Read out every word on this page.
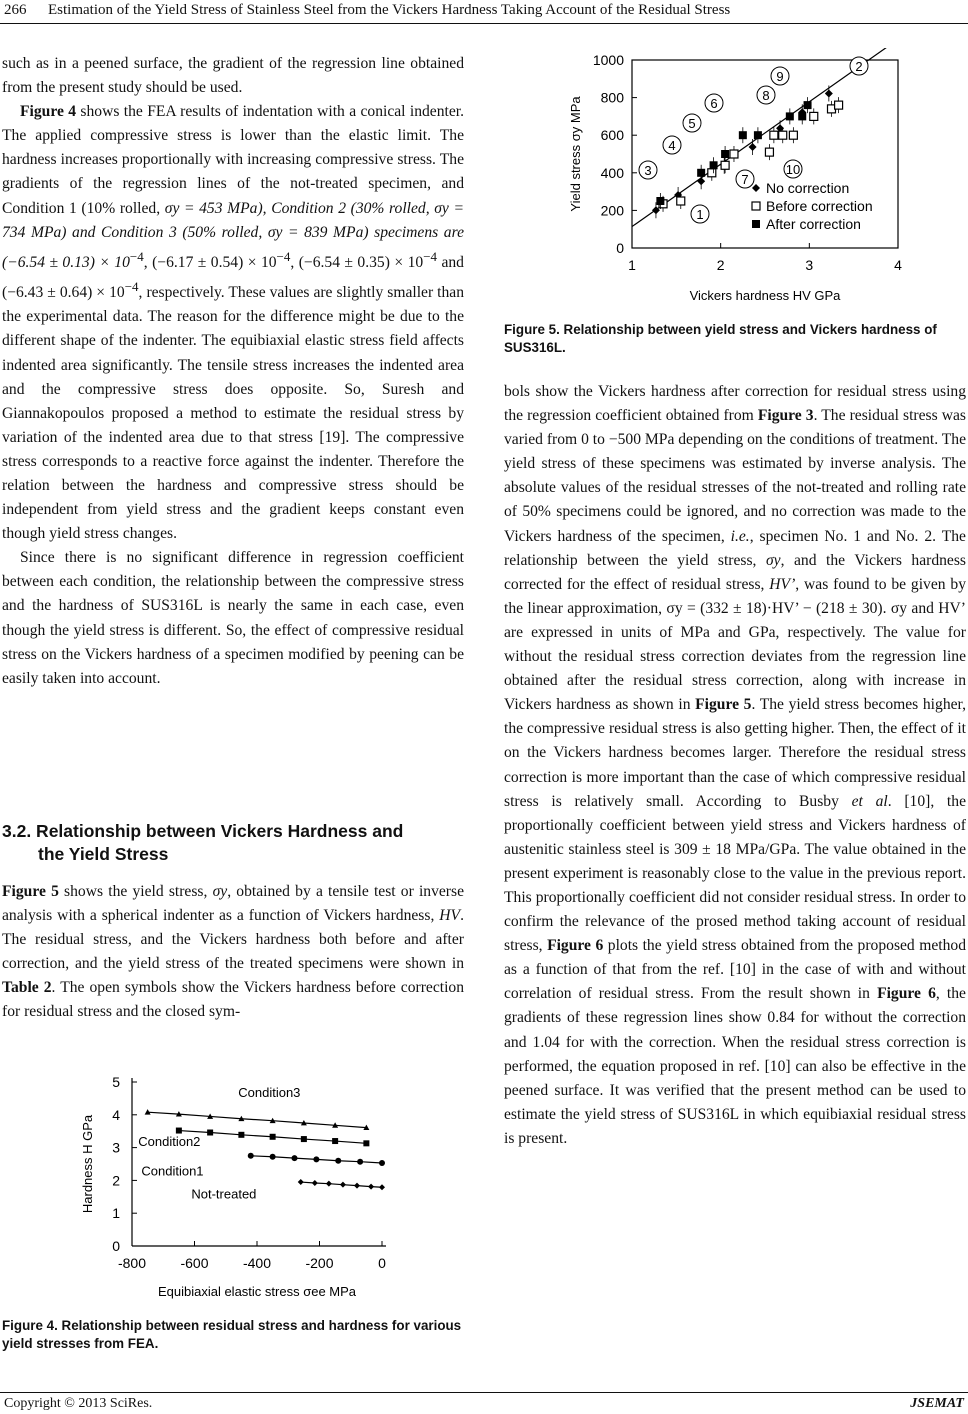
266 Estimation of the Yield Stress of Stainless Steel from the Vickers Hardness Taking Account of the Residual Stress

such as in a peened surface, the gradient of the regression line obtained from the present study should be used.

Figure 4 shows the FEA results of indentation with a conical indenter. The applied compressive stress is lower than the elastic limit. The hardness increases proportionally with increasing compressive stress. The gradients of the regression lines of the not-treated specimen, and Condition 1 (10% rolled, σy = 453 MPa), Condition 2 (30% rolled, σy = 734 MPa) and Condition 3 (50% rolled, σy = 839 MPa) specimens are $(-6.54 \pm 0.13) \times 10^{-4}$, $(-6.17 \pm 0.54) \times 10^{-4}$, $(-6.54 \pm 0.35) \times 10^{-4}$ and $(-6.43 \pm 0.64) \times 10^{-4}$, respectively. These values are slightly smaller than the experimental data. The reason for the difference might be due to the different shape of the indenter. The equibiaxial elastic stress field affects indented area significantly. The tensile stress increases the indented area and the compressive stress does opposite. So, Suresh and Giannakopoulos proposed a method to estimate the residual stress by variation of the indented area due to that stress [19]. The compressive stress corresponds to a reactive force against the indenter. Therefore the relation between the hardness and compressive stress should be independent from yield stress and the gradient keeps constant even though yield stress changes.

Since there is no significant difference in regression coefficient between each condition, the relationship between the compressive stress and the hardness of SUS316L is nearly the same in each case, even though the yield stress is different. So, the effect of compressive residual stress on the Vickers hardness of a specimen modified by peening can be easily taken into account.

3.2. Relationship between Vickers Hardness and
the Yield Stress

Figure 5 shows the yield stress, σy, obtained by a tensile test or inverse analysis with a spherical indenter as a function of Vickers hardness, HV. The residual stress, and the Vickers hardness both before and after correction, and the yield stress of the treated specimens were shown in Table 2. The open symbols show the Vickers hardness before correction for residual stress and the closed sym-

0
200
400
600
800
1000
1	2	3	4
Vickers hardness HV GPa
Yield stress σy MPa
1
2
3
4
5
6
7
8
9
10
No correction
Before correction
After correction
Figure 5. Relationship between yield stress and Vickers hardness of SUS316L.

bols show the Vickers hardness after correction for residual stress using the regression coefficient obtained from Figure 3. The residual stress was varied from 0 to −500 MPa depending on the conditions of treatment. The yield stress of these specimens was estimated by inverse analysis. The absolute values of the residual stresses of the not-treated and rolling rate of 50% specimens could be ignored, and no correction was made to the Vickers hardness of the specimen, i.e., specimen No. 1 and No. 2. The relationship between the yield stress, σy, and the Vickers hardness corrected for the effect of residual stress, HV’, was found to be given by the linear approximation, σy = (332 ± 18)·HV’ − (218 ± 30). σy and HV’ are expressed in units of MPa and GPa, respectively. The value for without the residual stress correction deviates from the regression line obtained after the residual stress correction, along with increase in Vickers hardness as shown in Figure 5. The yield stress becomes higher, the compressive residual stress is also getting higher. Then, the effect of it on the Vickers hardness becomes larger. Therefore the residual stress correction is more important than the case of which compressive residual stress is relatively small. According to Busby et al. [10], the proportionally coefficient between yield stress and Vickers hardness of austenitic stainless steel is 309 ± 18 MPa/GPa. The value obtained in the present experiment is reasonably close to the value in the previous report. This proportionally coefficient did not consider residual stress. In order to confirm the relevance of the prosed method taking account of residual stress, Figure 6 plots the yield stress obtained from the proposed method as a function of that from the ref. [10] in the case of with and without correlation of residual stress. From the result shown in Figure 6, the gradients of these regression lines show 0.84 for without the correction and 1.04 for with the correction. When the residual stress correction is performed, the equation proposed in ref. [10] can also be effective in the peened surface. It was verified that the present method can be used to estimate the yield stress of SUS316L in which equibiaxial residual stress is present.

0
1
2
3
4
5
-800 -600 -400 -200	0
Equibiaxial elastic stress σee MPa
Hardness H GPa
Condition3
Condition2
Condition1
Not-treated
Figure 4. Relationship between residual stress and hardness for various yield stresses from FEA.
Copyright © 2013 SciRes.	JSEMAT
